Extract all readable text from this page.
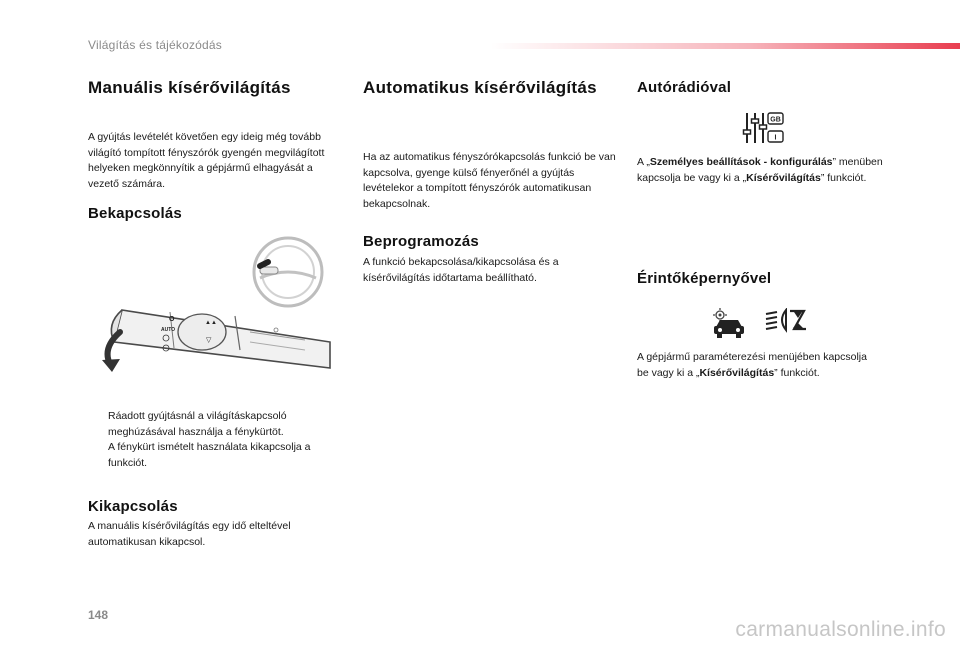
Világítás és tájékozódás
Manuális kísérővilágítás

A gyújtás levételét követően egy ideig még tovább világító tompított fényszórók gyengén megvilágított helyeken megkönnyítik a gépjármű elhagyását a vezető számára.

Bekapcsolás
O
AUTO
▲▲
▽
Ráadott gyújtásnál a világításkapcsoló meghúzásával használja a fénykürtöt.
A fénykürt ismételt használata kikapcsolja a funkciót.
Kikapcsolás

A manuális kísérővilágítás egy idő elteltével automatikusan kikapcsol.

Automatikus kísérővilágítás

Ha az automatikus fényszórókapcsolás funkció be van kapcsolva, gyenge külső fényerőnél a gyújtás levételekor a tompított fényszórók automatikusan bekapcsolnak.

Beprogramozás

A funkció bekapcsolása/kikapcsolása és a kísérővilágítás időtartama beállítható.

Autórádióval
GB
I

A „Személyes beállítások - konfigurálás” menüben kapcsolja be vagy ki a „Kísérővilágítás” funkciót.

Érintőképernyővel

A gépjármű paraméterezési menüjében kapcsolja be vagy ki a „Kísérővilágítás” funkciót.

148
carmanualsonline.info
